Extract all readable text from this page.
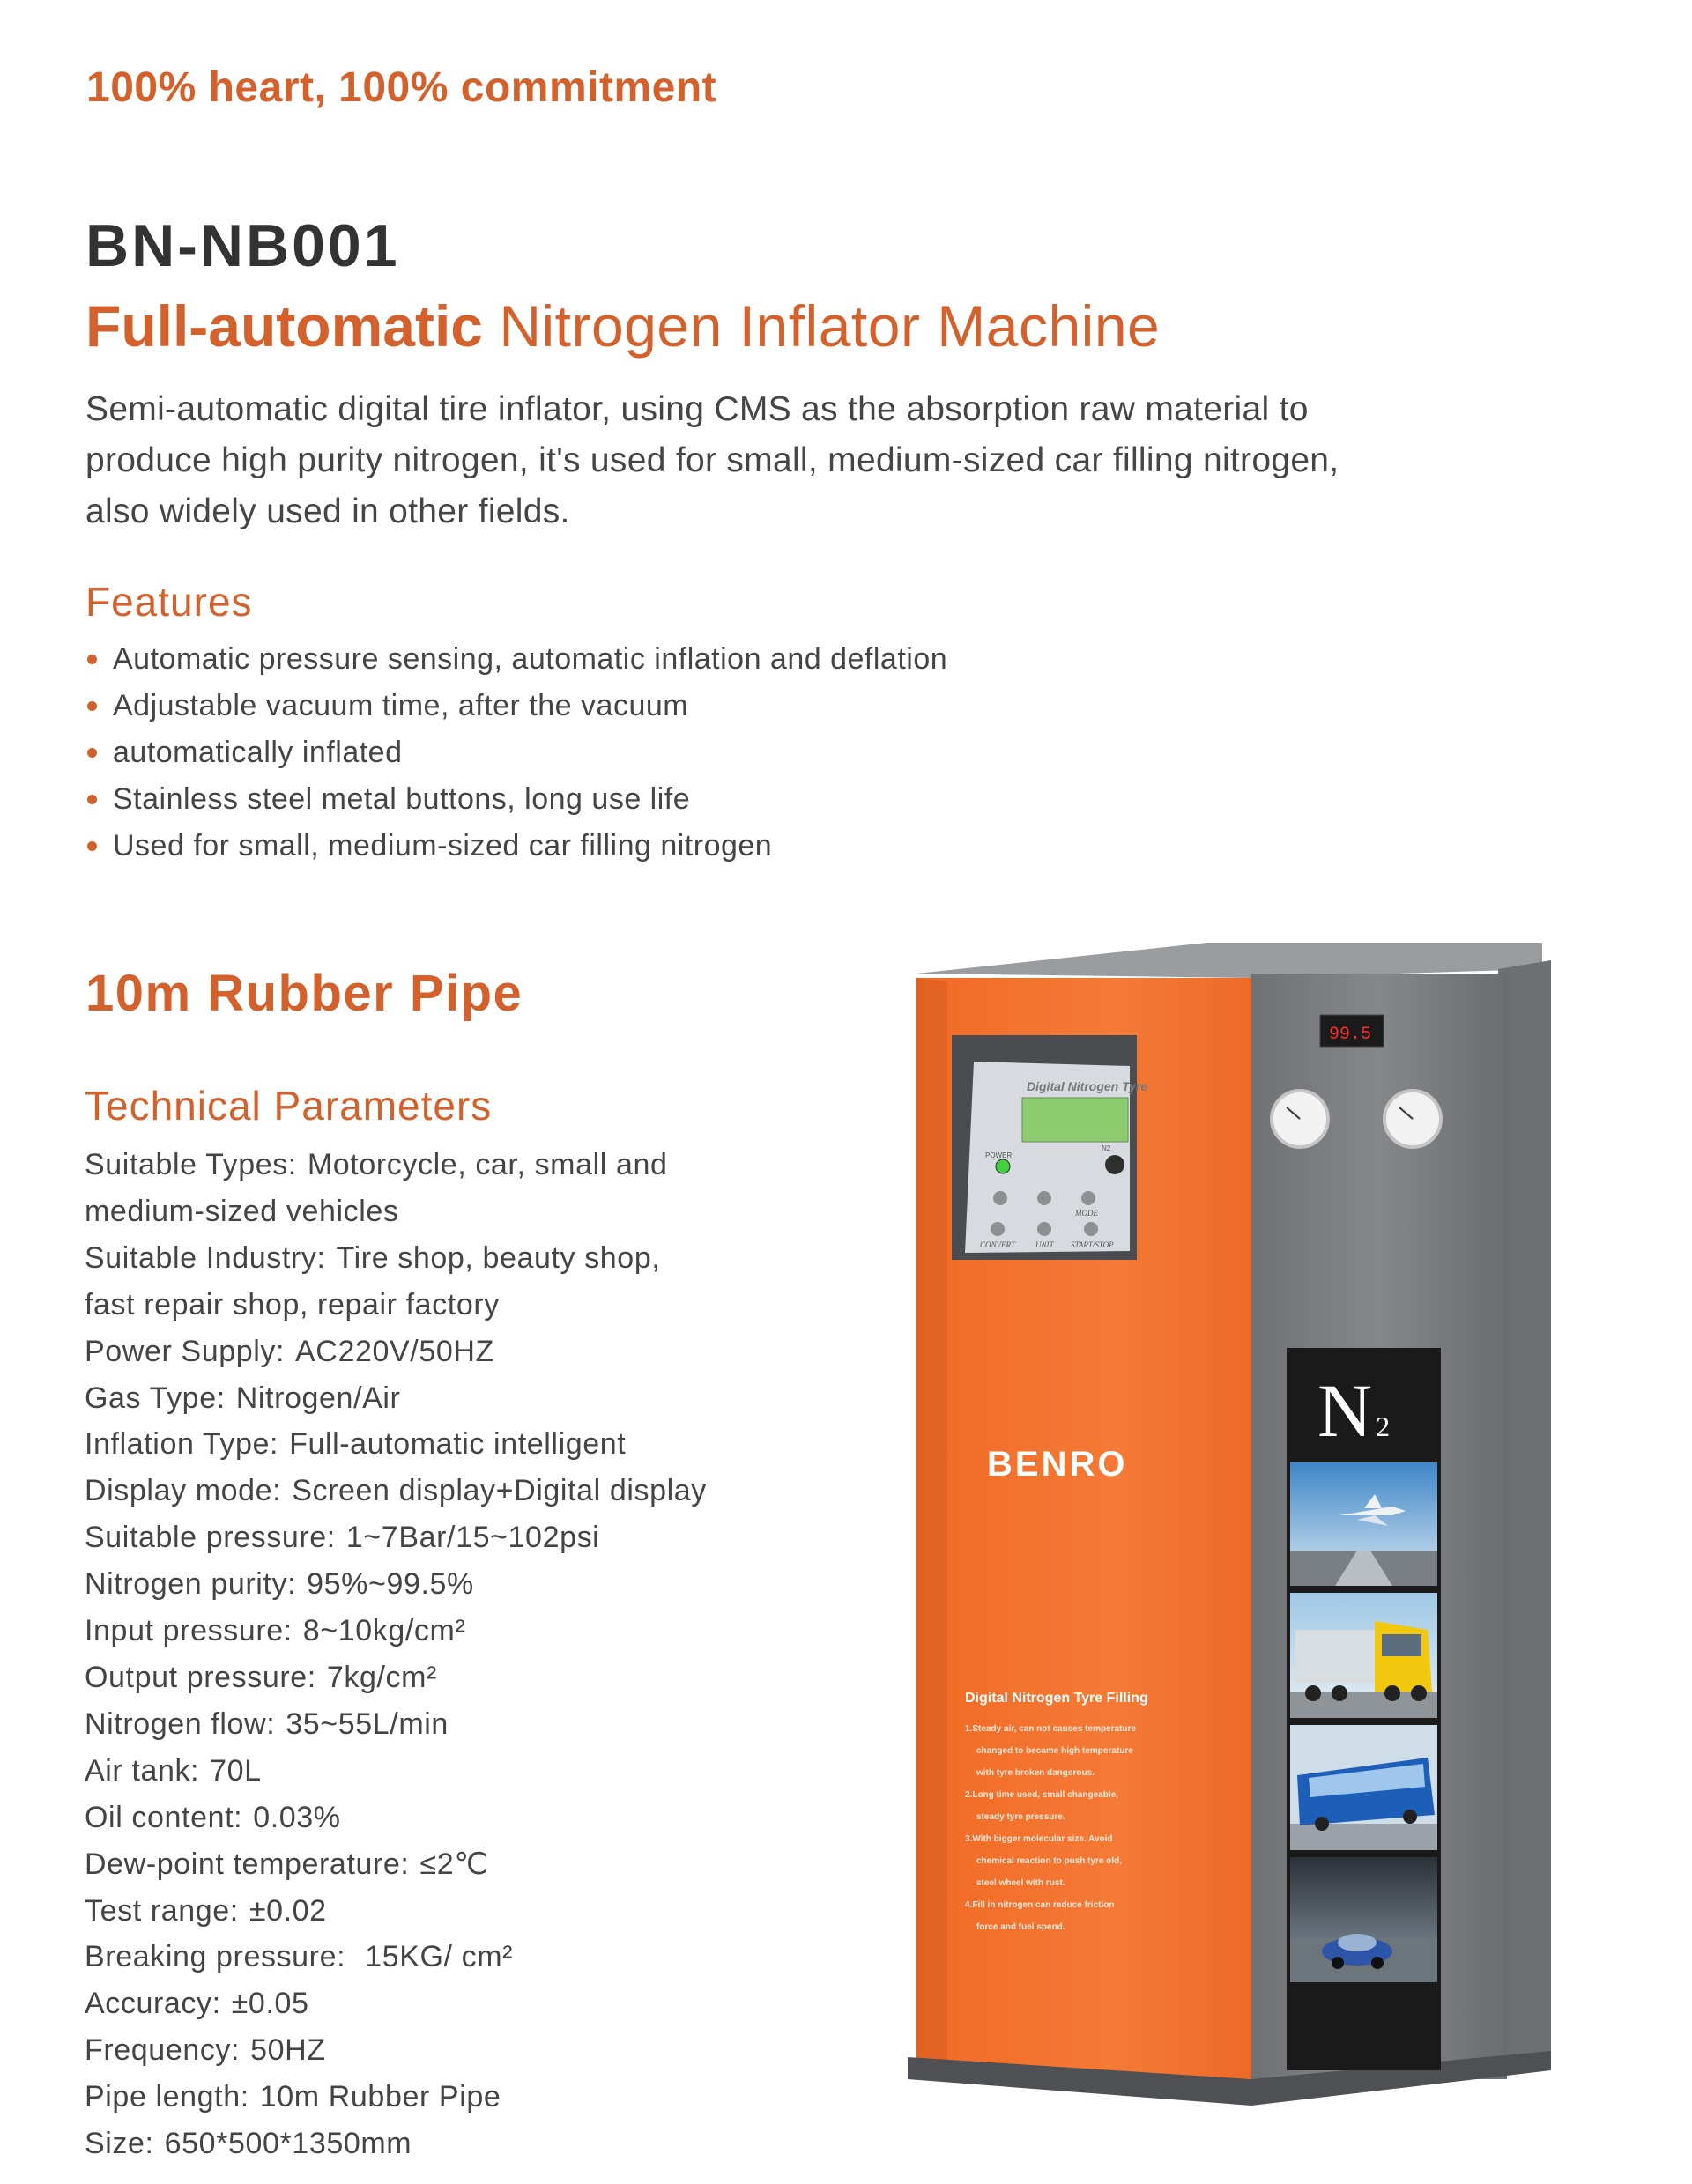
100% heart, 100% commitment
BN-NB001
Full-automatic Nitrogen Inflator Machine
Semi-automatic digital tire inflator, using CMS as the absorption raw material to
produce high purity nitrogen, it's used for small, medium-sized car filling nitrogen,
also widely used in other fields.
Features
Automatic pressure sensing, automatic inflation and deflation
Adjustable vacuum time, after the vacuum
automatically inflated
Stainless steel metal buttons, long use life
Used for small, medium-sized car filling nitrogen
10m Rubber Pipe
Technical Parameters
Suitable Types: Motorcycle, car, small and
medium-sized vehicles
Suitable Industry: Tire shop, beauty shop,
fast repair shop, repair factory
Power Supply: AC220V/50HZ
Gas Type: Nitrogen/Air
Inflation Type: Full-automatic intelligent
Display mode: Screen display+Digital display
Suitable pressure: 1~7Bar/15~102psi
Nitrogen purity: 95%~99.5%
Input pressure: 8~10kg/cm²
Output pressure: 7kg/cm²
Nitrogen flow: 35~55L/min
Air tank: 70L
Oil content: 0.03%
Dew-point temperature: ≤2℃
Test range: ±0.02
Breaking pressure: 15KG/ cm²
Accuracy: ±0.05
Frequency: 50HZ
Pipe length: 10m Rubber Pipe
Size: 650*500*1350mm
Digital Nitrogen Tyre
POWER
N2
MODE
CONVERT	UNIT START/STOP
BENRO
Digital Nitrogen Tyre Filling
1.Steady air, can not causes temperature
changed to became high temperature
with tyre broken dangerous.
2.Long time used, small changeable,
steady tyre pressure.
3.With bigger molecular size. Avoid
chemical reaction to push tyre old,
steel wheel with rust.
4.Fill in nitrogen can reduce friction
force and fuel spend.
99.5
N 2
